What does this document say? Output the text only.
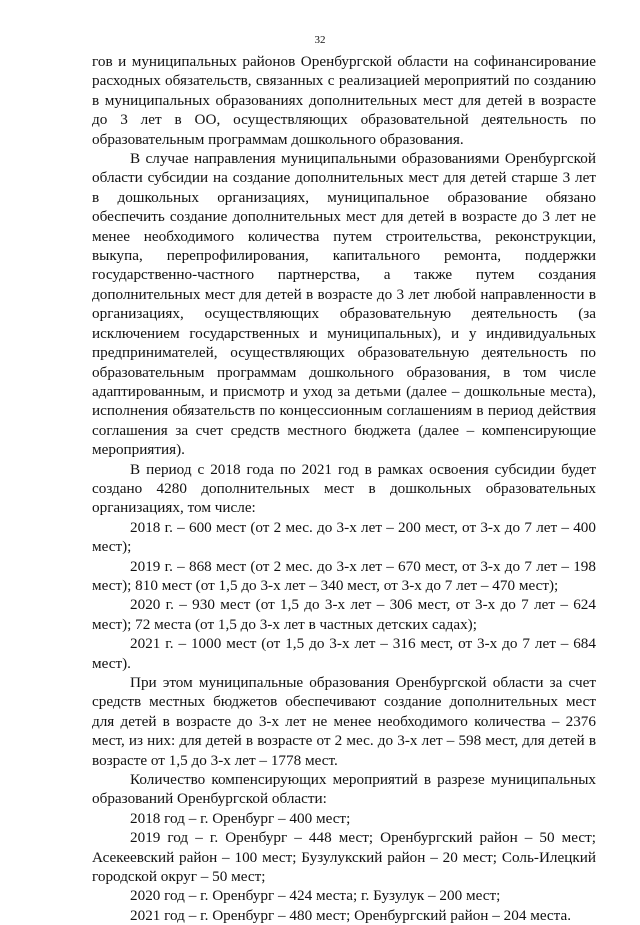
32

гов и муниципальных районов Оренбургской области на софинансирование расходных обязательств, связанных с реализацией мероприятий по созданию в муниципальных образованиях дополнительных мест для детей в возрасте до 3 лет в ОО, осуществляющих образовательной деятельность по образовательным программам дошкольного образования.

В случае направления муниципальными образованиями Оренбургской области субсидии на создание дополнительных мест для детей старше 3 лет в дошкольных организациях, муниципальное образование обязано обеспечить создание дополнительных мест для детей в возрасте до 3 лет не менее необходимого количества путем строительства, реконструкции, выкупа, перепрофилирования, капитального ремонта, поддержки государственно-частного партнерства, а также путем создания дополнительных мест для детей в возрасте до 3 лет любой направленности в организациях, осуществляющих образовательную деятельность (за исключением государственных и муниципальных), и у индивидуальных предпринимателей, осуществляющих образовательную деятельность по образовательным программам дошкольного образования, в том числе адаптированным, и присмотр и уход за детьми (далее – дошкольные места), исполнения обязательств по концессионным соглашениям в период действия соглашения за счет средств местного бюджета (далее – компенсирующие мероприятия).

В период с 2018 года по 2021 год в рамках освоения субсидии будет создано 4280 дополнительных мест в дошкольных образовательных организациях, том числе:

2018 г. – 600 мест (от 2 мес. до 3-х лет – 200 мест, от 3-х до 7 лет – 400 мест);

2019 г. – 868 мест (от 2 мес. до 3-х лет – 670 мест, от 3-х до 7 лет – 198 мест); 810 мест (от 1,5 до 3-х лет – 340 мест, от 3-х до 7 лет – 470 мест);

2020 г. – 930 мест (от 1,5 до 3-х лет – 306 мест, от 3-х до 7 лет – 624 мест); 72 места (от 1,5 до 3-х лет в частных детских садах);

2021 г. – 1000 мест (от 1,5 до 3-х лет – 316 мест, от 3-х до 7 лет – 684 мест).

При этом муниципальные образования Оренбургской области за счет средств местных бюджетов обеспечивают создание дополнительных мест для детей в возрасте до 3-х лет не менее необходимого количества – 2376 мест, из них: для детей в возрасте от 2 мес. до 3-х лет – 598 мест, для детей в возрасте от 1,5 до 3-х лет – 1778 мест.

Количество компенсирующих мероприятий в разрезе муниципальных образований Оренбургской области:

2018 год – г. Оренбург – 400 мест;

2019 год – г. Оренбург – 448 мест; Оренбургский район – 50 мест; Асекеевский район – 100 мест; Бузулукский район – 20 мест; Соль-Илецкий городской округ – 50 мест;

2020 год – г. Оренбург – 424 места; г. Бузулук – 200 мест;

2021 год – г. Оренбург – 480 мест; Оренбургский район – 204 места.
